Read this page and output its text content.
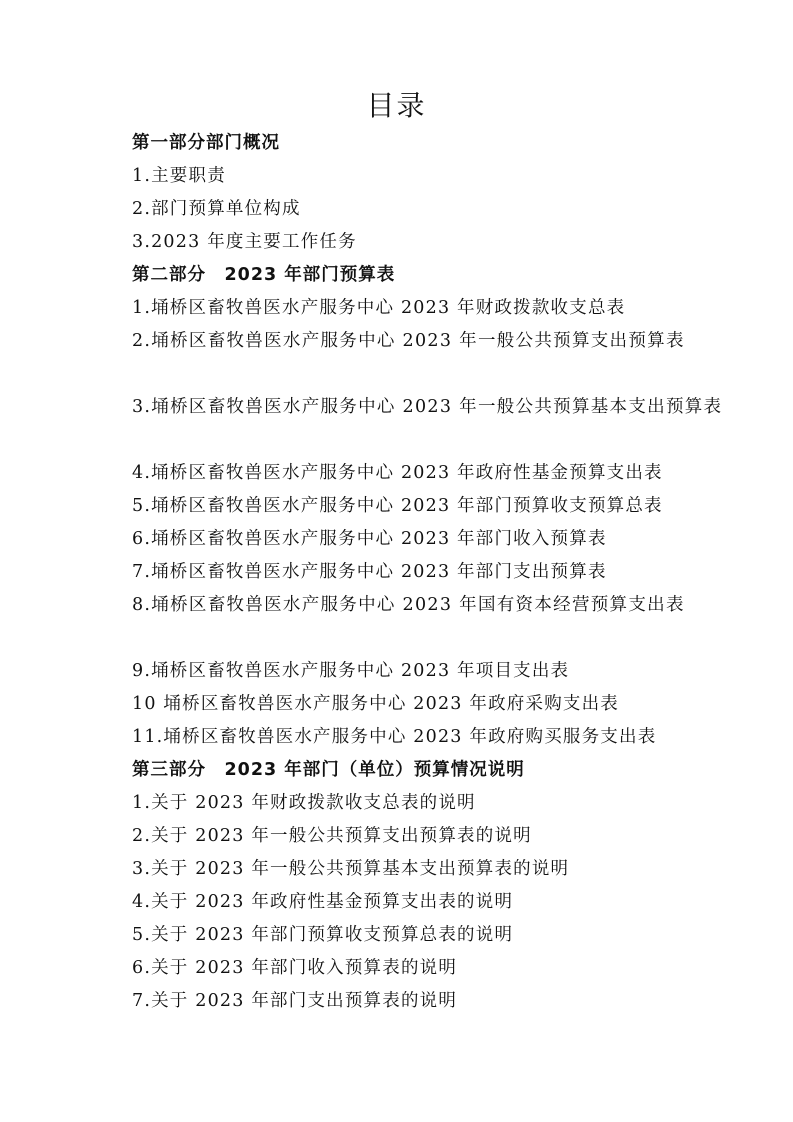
目录

第一部分部门概况

1.主要职责

2.部门预算单位构成

3.2023 年度主要工作任务

第二部分　2023 年部门预算表

1.埇桥区畜牧兽医水产服务中心 2023 年财政拨款收支总表

2.埇桥区畜牧兽医水产服务中心 2023 年一般公共预算支出预算表

3.埇桥区畜牧兽医水产服务中心 2023 年一般公共预算基本支出预算表

4.埇桥区畜牧兽医水产服务中心 2023 年政府性基金预算支出表

5.埇桥区畜牧兽医水产服务中心 2023 年部门预算收支预算总表

6.埇桥区畜牧兽医水产服务中心 2023 年部门收入预算表

7.埇桥区畜牧兽医水产服务中心 2023 年部门支出预算表

8.埇桥区畜牧兽医水产服务中心 2023 年国有资本经营预算支出表

9.埇桥区畜牧兽医水产服务中心 2023 年项目支出表

10 埇桥区畜牧兽医水产服务中心 2023 年政府采购支出表

11.埇桥区畜牧兽医水产服务中心 2023 年政府购买服务支出表

第三部分　2023 年部门（单位）预算情况说明

1.关于 2023 年财政拨款收支总表的说明

2.关于 2023 年一般公共预算支出预算表的说明

3.关于 2023 年一般公共预算基本支出预算表的说明

4.关于 2023 年政府性基金预算支出表的说明

5.关于 2023 年部门预算收支预算总表的说明

6.关于 2023 年部门收入预算表的说明

7.关于 2023 年部门支出预算表的说明
